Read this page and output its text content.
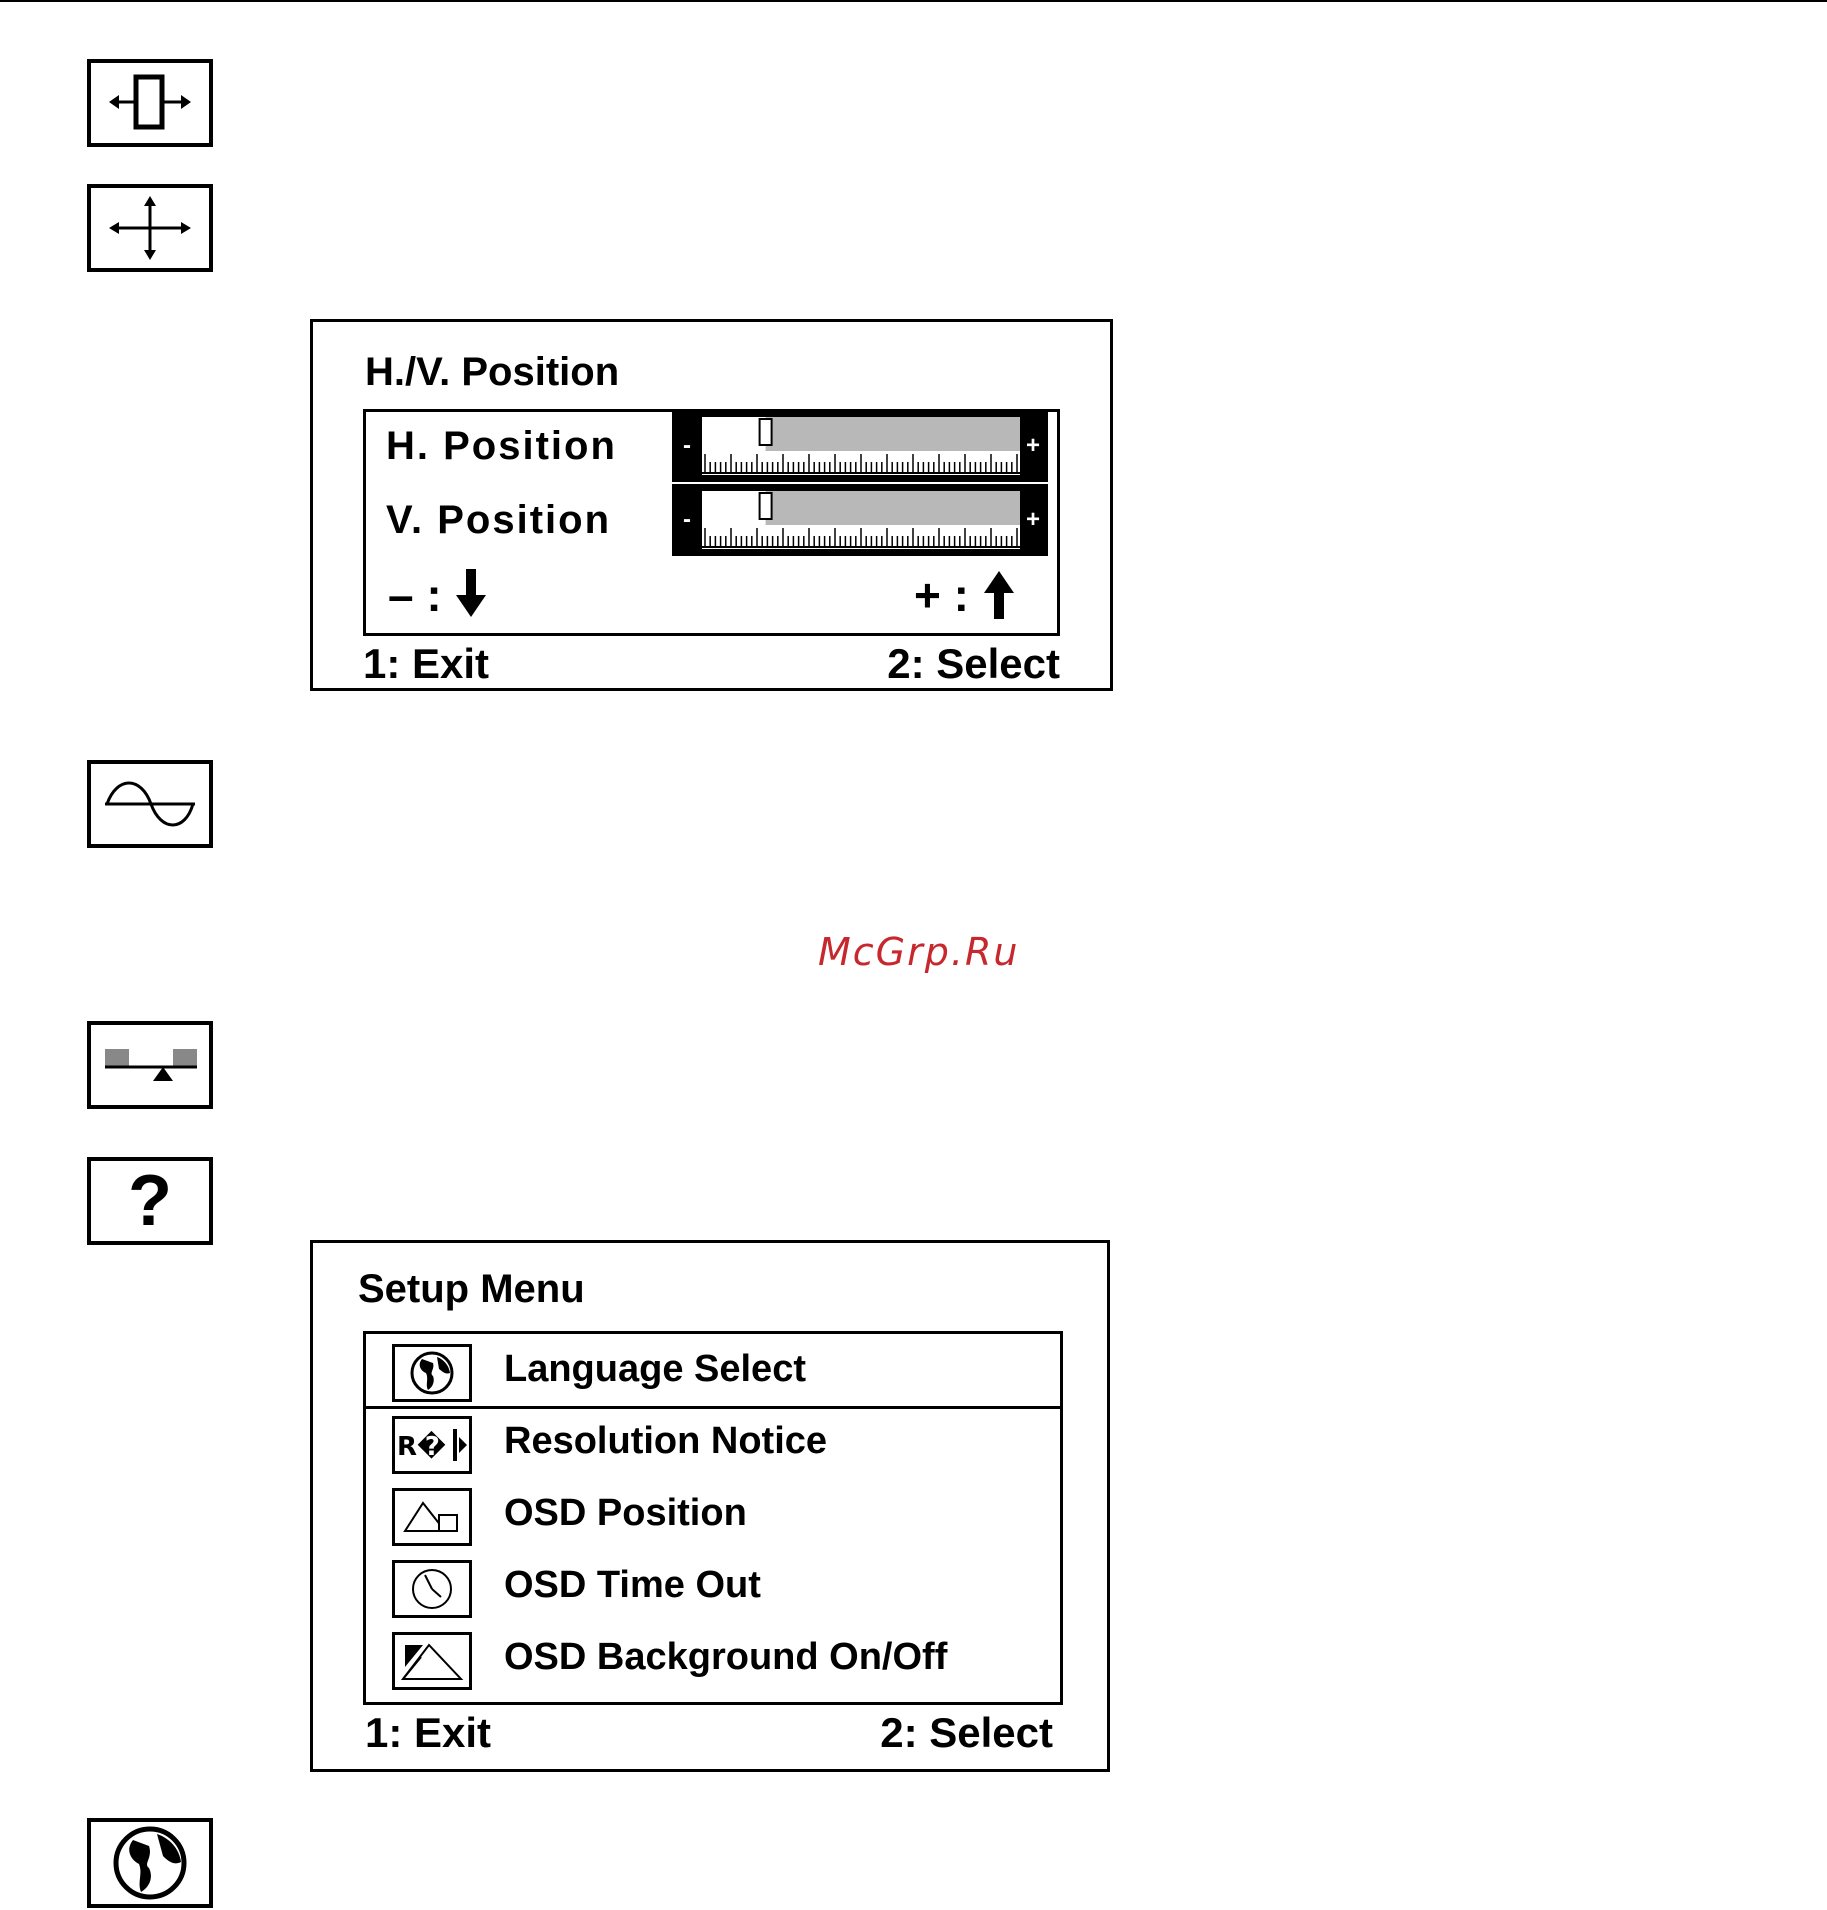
H./V. Position
H. Position	-	+
V. Position	-	+
– :	+ :
1: Exit	2: Select
?
Setup Menu
Language Select
R� Resolution Notice
OSD Position
OSD Time Out
OSD Background On/Off
1: Exit	2: Select
McGrp.Ru
